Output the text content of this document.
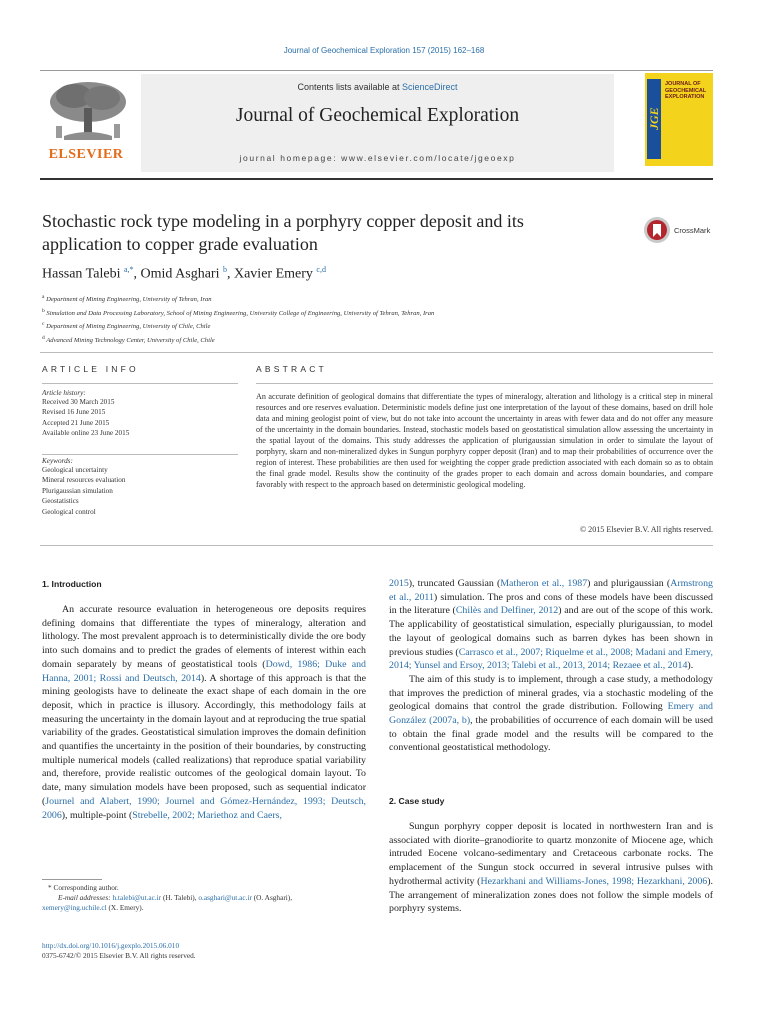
Journal of Geochemical Exploration 157 (2015) 162–168
ELSEVIER
Contents lists available at ScienceDirect
Journal of Geochemical Exploration
journal homepage: www.elsevier.com/locate/jgeoexp
JGE
JOURNAL OF
GEOCHEMICAL
EXPLORATION
Stochastic rock type modeling in a porphyry copper deposit and its
application to copper grade evaluation
CrossMark
Hassan Talebi $^{a,*}$, Omid Asghari $^b$, Xavier Emery $^{c,d}$
$^a$ Department of Mining Engineering, University of Tehran, Iran
$^b$ Simulation and Data Processing Laboratory, School of Mining Engineering, University College of Engineering, University of Tehran, Tehran, Iran
$^c$ Department of Mining Engineering, University of Chile, Chile
$^d$ Advanced Mining Technology Center, University of Chile, Chile
ARTICLE INFO
Article history:
Received 30 March 2015
Revised 16 June 2015
Accepted 21 June 2015
Available online 23 June 2015
Keywords:
Geological uncertainty
Mineral resources evaluation
Plurigaussian simulation
Geostatistics
Geological control
ABSTRACT
An accurate definition of geological domains that differentiate the types of mineralogy, alteration and lithology is a critical step in mineral resources and ore reserves evaluation. Deterministic models define just one interpretation of the layout of these domains, based on drill hole data and mining geologist point of view, but do not take into account the uncertainty in areas with fewer data and do not offer any measure of the uncertainty in the domain boundaries. Instead, stochastic models based on geostatistical simulation allow assessing the uncertainty in the spatial layout of the domains. This study addresses the application of plurigaussian simulation in order to simulate the layout of porphyry, skarn and non-mineralized dykes in Sungun porphyry copper deposit (Iran) and to map their probabilities of occurrence over the region of interest. These probabilities are then used for weighting the copper grade prediction associated with each domain so as to obtain the final grade model. Results show the continuity of the grades proper to each domain and across domain boundaries, and compare favorably with respect to the approach based on deterministic geological modeling.
© 2015 Elsevier B.V. All rights reserved.
1. Introduction

An accurate resource evaluation in heterogeneous ore deposits requires defining domains that differentiate the types of mineralogy, alteration and lithology. The most prevalent approach is to deterministically divide the ore body into such domains and to predict the grades of elements of interest within each domain separately by means of geostatistical tools (Dowd, 1986; Duke and Hanna, 2001; Rossi and Deutsch, 2014). A shortage of this approach is that the mining geologists have to delineate the exact shape of each domain in the ore deposit, which in practice is illusory. Accordingly, this methodology fails at measuring the uncertainty in the domain layout and at reproducing the true spatial variability of the grades. Geostatistical simulation improves the domain definition and quantifies the uncertainty in the position of their boundaries, by constructing multiple numerical models (called realizations) that reproduce spatial variability and, therefore, provide realistic outcomes of the geological domain layout. To date, many simulation models have been proposed, such as sequential indicator (Journel and Alabert, 1990; Journel and Gómez-Hernández, 1993; Deutsch, 2006), multiple-point (Strebelle, 2002; Mariethoz and Caers,

* Corresponding author.
E-mail addresses: h.talebi@ut.ac.ir (H. Talebi), o.asghari@ut.ac.ir (O. Asghari),
xemery@ing.uchile.cl (X. Emery).
http://dx.doi.org/10.1016/j.gexplo.2015.06.010
0375-6742/© 2015 Elsevier B.V. All rights reserved.

2015), truncated Gaussian (Matheron et al., 1987) and plurigaussian (Armstrong et al., 2011) simulation. The pros and cons of these models have been discussed in the literature (Chilès and Delfiner, 2012) and are out of the scope of this work. The applicability of geostatistical simulation, especially plurigaussian, to model the layout of geological domains such as barren dykes has been shown in previous studies (Carrasco et al., 2007; Riquelme et al., 2008; Madani and Emery, 2014; Yunsel and Ersoy, 2013; Talebi et al., 2013, 2014; Rezaee et al., 2014).

The aim of this study is to implement, through a case study, a methodology that improves the prediction of mineral grades, via a stochastic modeling of the geological domains that control the grade distribution. Following Emery and González (2007a, b), the probabilities of occurrence of each domain will be used to obtain the final grade model and the results will be compared to the conventional geostatistical methodology.

2. Case study

Sungun porphyry copper deposit is located in northwestern Iran and is associated with diorite–granodiorite to quartz monzonite of Miocene age, which intruded Eocene volcano-sedimentary and Cretaceous carbonate rocks. The emplacement of the Sungun stock occurred in several intrusive pulses with hydrothermal activity (Hezarkhani and Williams-Jones, 1998; Hezarkhani, 2006). The arrangement of mineralization zones does not follow the simple models of porphyry systems.
